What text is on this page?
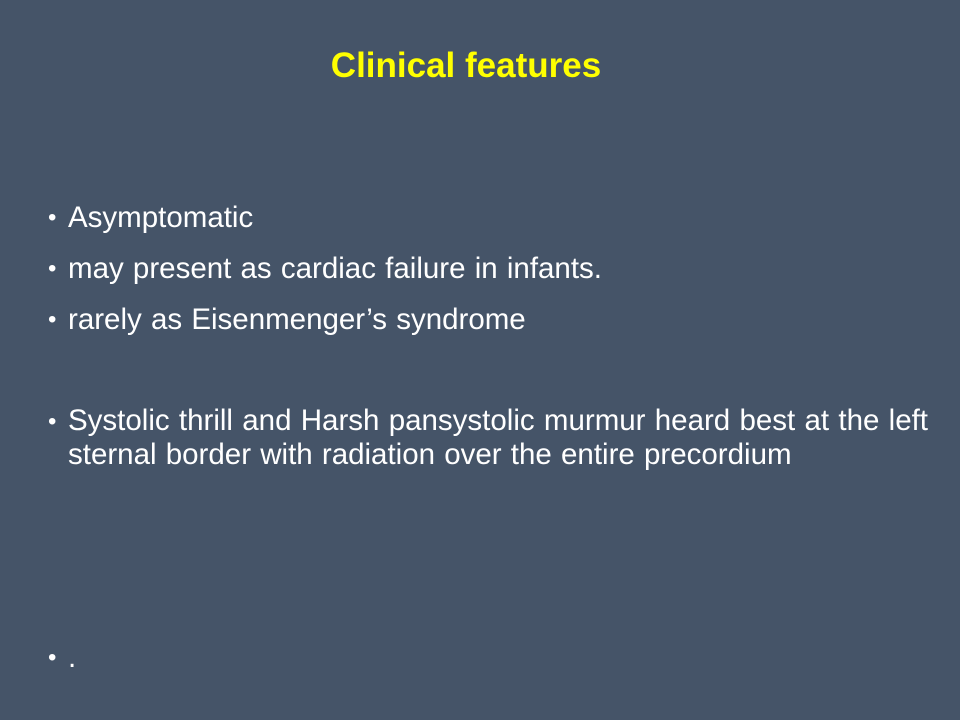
Clinical features
• Asymptomatic
• may present as cardiac failure in infants.
• rarely as Eisenmenger’s syndrome
• Systolic thrill and Harsh pansystolic murmur heard best at the left sternal border with radiation over the entire precordium
• .
